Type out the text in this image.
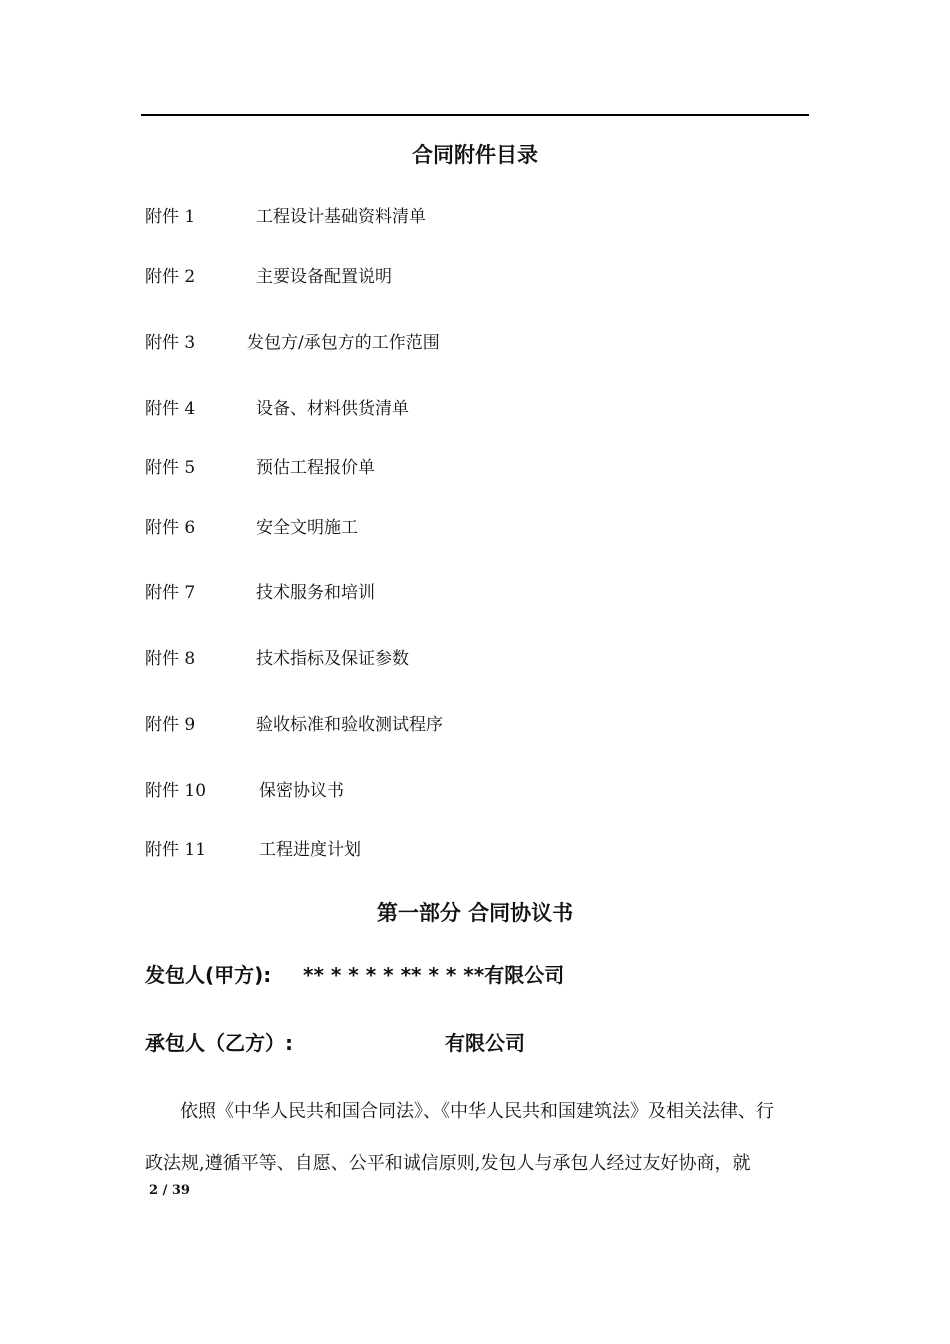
合同附件目录
附件 1	工程设计基础资料清单
附件 2	主要设备配置说明
附件 3	发包方/承包方的工作范围
附件 4	设备、材料供货清单
附件 5	预估工程报价单
附件 6	安全文明施工
附件 7	技术服务和培训
附件 8	技术指标及保证参数
附件 9	验收标准和验收测试程序
附件 10	保密协议书
附件 11	工程进度计划
第一部分 合同协议书
发包人(甲方): ** * * * * ** * * **有限公司
承包人（乙方）:	有限公司
依照《中华人民共和国合同法》、《中华人民共和国建筑法》及相关法律、行
政法规,遵循平等、自愿、公平和诚信原则,发包人与承包人经过友好协商，就
2 / 39
